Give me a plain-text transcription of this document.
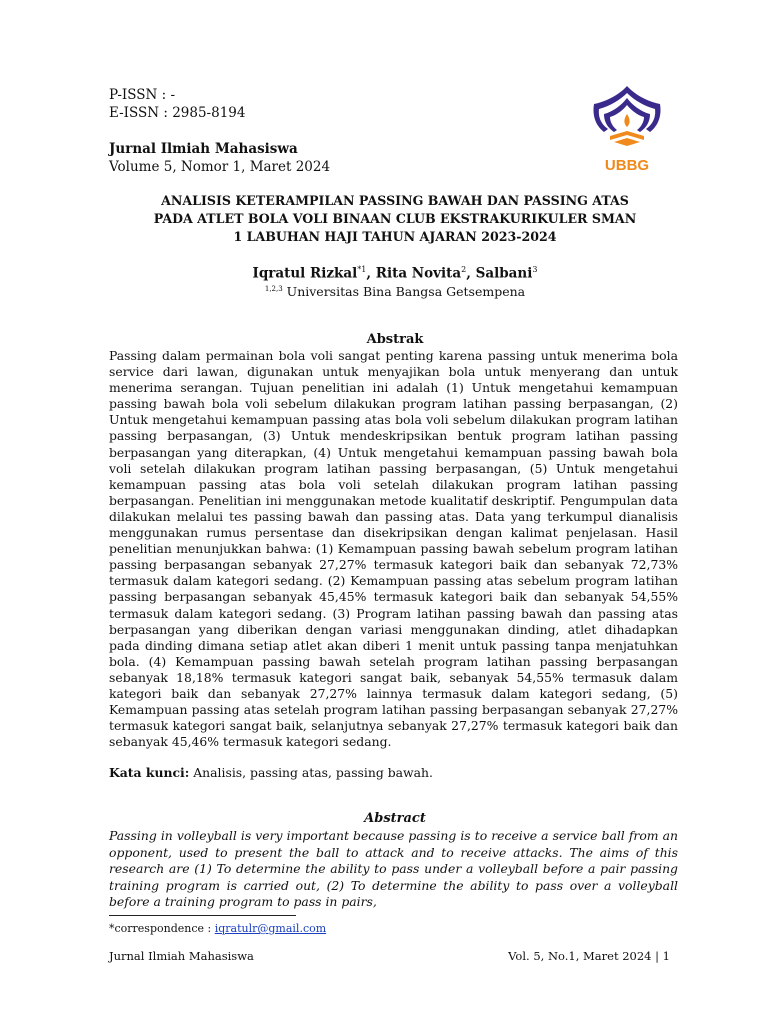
P-ISSN : -
E-ISSN : 2985-8194
Jurnal Ilmiah Mahasiswa
Volume 5, Nomor 1, Maret 2024	UBBG
ANALISIS KETERAMPILAN PASSING BAWAH DAN PASSING ATAS
PADA ATLET BOLA VOLI BINAAN CLUB EKSTRAKURIKULER SMAN
1 LABUHAN HAJI TAHUN AJARAN 2023-2024
Iqratul Rizkal$^{*1}$, Rita Novita$^2$, Salbani$^3$
$^{1,2,3}$ Universitas Bina Bangsa Getsempena
Abstrak
Passing dalam permainan bola voli sangat penting karena passing untuk menerima bola service dari lawan, digunakan untuk menyajikan bola untuk menyerang dan untuk menerima serangan. Tujuan penelitian ini adalah (1) Untuk mengetahui kemampuan passing bawah bola voli sebelum dilakukan program latihan passing berpasangan, (2) Untuk mengetahui kemampuan passing atas bola voli sebelum dilakukan program latihan passing berpasangan, (3) Untuk mendeskripsikan bentuk program latihan passing berpasangan yang diterapkan, (4) Untuk mengetahui kemampuan passing bawah bola voli setelah dilakukan program latihan passing berpasangan, (5) Untuk mengetahui kemampuan passing atas bola voli setelah dilakukan program latihan passing berpasangan. Penelitian ini menggunakan metode kualitatif deskriptif. Pengumpulan data dilakukan melalui tes passing bawah dan passing atas. Data yang terkumpul dianalisis menggunakan rumus persentase dan disekripsikan dengan kalimat penjelasan. Hasil penelitian menunjukkan bahwa: (1) Kemampuan passing bawah sebelum program latihan passing berpasangan sebanyak 27,27% termasuk kategori baik dan sebanyak 72,73% termasuk dalam kategori sedang. (2) Kemampuan passing atas sebelum program latihan passing berpasangan sebanyak 45,45% termasuk kategori baik dan sebanyak 54,55% termasuk dalam kategori sedang. (3) Program latihan passing bawah dan passing atas berpasangan yang diberikan dengan variasi menggunakan dinding, atlet dihadapkan pada dinding dimana setiap atlet akan diberi 1 menit untuk passing tanpa menjatuhkan bola. (4) Kemampuan passing bawah setelah program latihan passing berpasangan sebanyak 18,18% termasuk kategori sangat baik, sebanyak 54,55% termasuk dalam kategori baik dan sebanyak 27,27% lainnya termasuk dalam kategori sedang, (5) Kemampuan passing atas setelah program latihan passing berpasangan sebanyak 27,27% termasuk kategori sangat baik, selanjutnya sebanyak 27,27% termasuk kategori baik dan sebanyak 45,46% termasuk kategori sedang.
Kata kunci: Analisis, passing atas, passing bawah.
Abstract
Passing in volleyball is very important because passing is to receive a service ball from an opponent, used to present the ball to attack and to receive attacks. The aims of this research are (1) To determine the ability to pass under a volleyball before a pair passing training program is carried out, (2) To determine the ability to pass over a volleyball before a training program to pass in pairs,
*correspondence : iqratulr@gmail.com
Jurnal Ilmiah Mahasiswa	Vol. 5, No.1, Maret 2024 | 1
